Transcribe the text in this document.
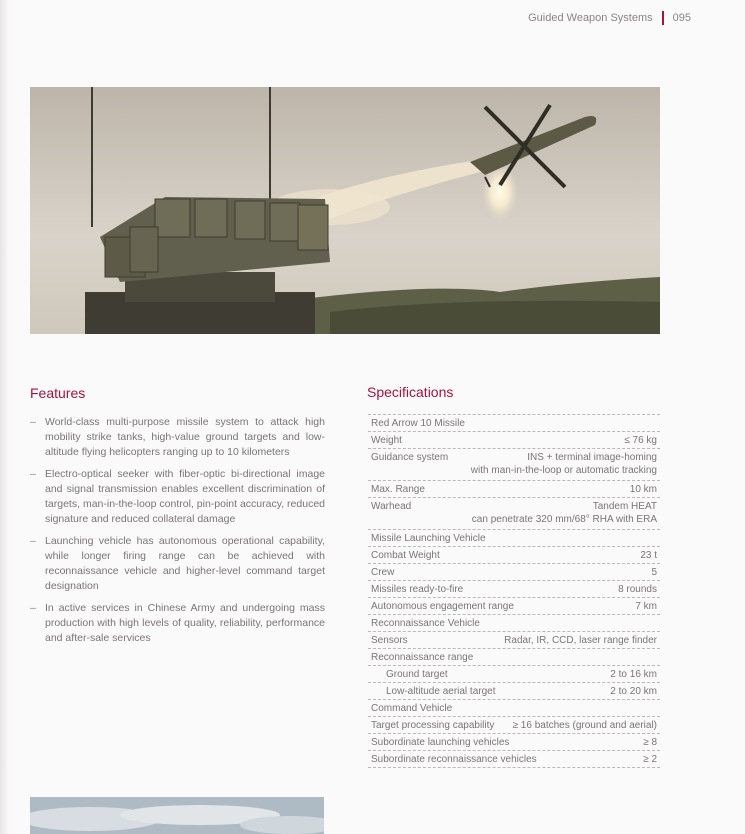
Guided Weapon Systems 095
Features
– World-class multi-purpose missile system to attack high mobility strike tanks, high-value ground targets and low-altitude flying helicopters ranging up to 10 kilometers
– Electro-optical seeker with fiber-optic bi-directional image and signal transmission enables excellent discrimination of targets, man-in-the-loop control, pin-point accuracy, reduced signature and reduced collateral damage
– Launching vehicle has autonomous operational capability, while longer firing range can be achieved with reconnaissance vehicle and higher-level command target designation
– In active services in Chinese Army and undergoing mass production with high levels of quality, reliability, performance and after-sale services
Specifications
Red Arrow 10 Missile
Weight	≤ 76 kg
Guidance system	INS + terminal image-homing
with man-in-the-loop or automatic tracking
Max. Range	10 km
Warhead	Tandem HEAT
can penetrate 320 mm/68° RHA with ERA
Missile Launching Vehicle
Combat Weight	23 t
Crew	5
Missiles ready-to-fire	8 rounds
Autonomous engagement range	7 km
Reconnaissance Vehicle
Sensors	Radar, IR, CCD, laser range finder
Reconnaissance range
Ground target	2 to 16 km
Low-altitude aerial target	2 to 20 km
Command Vehicle
Target processing capability ≥ 16 batches (ground and aerial)
Subordinate launching vehicles	≥ 8
Subordinate reconnaissance vehicles	≥ 2
